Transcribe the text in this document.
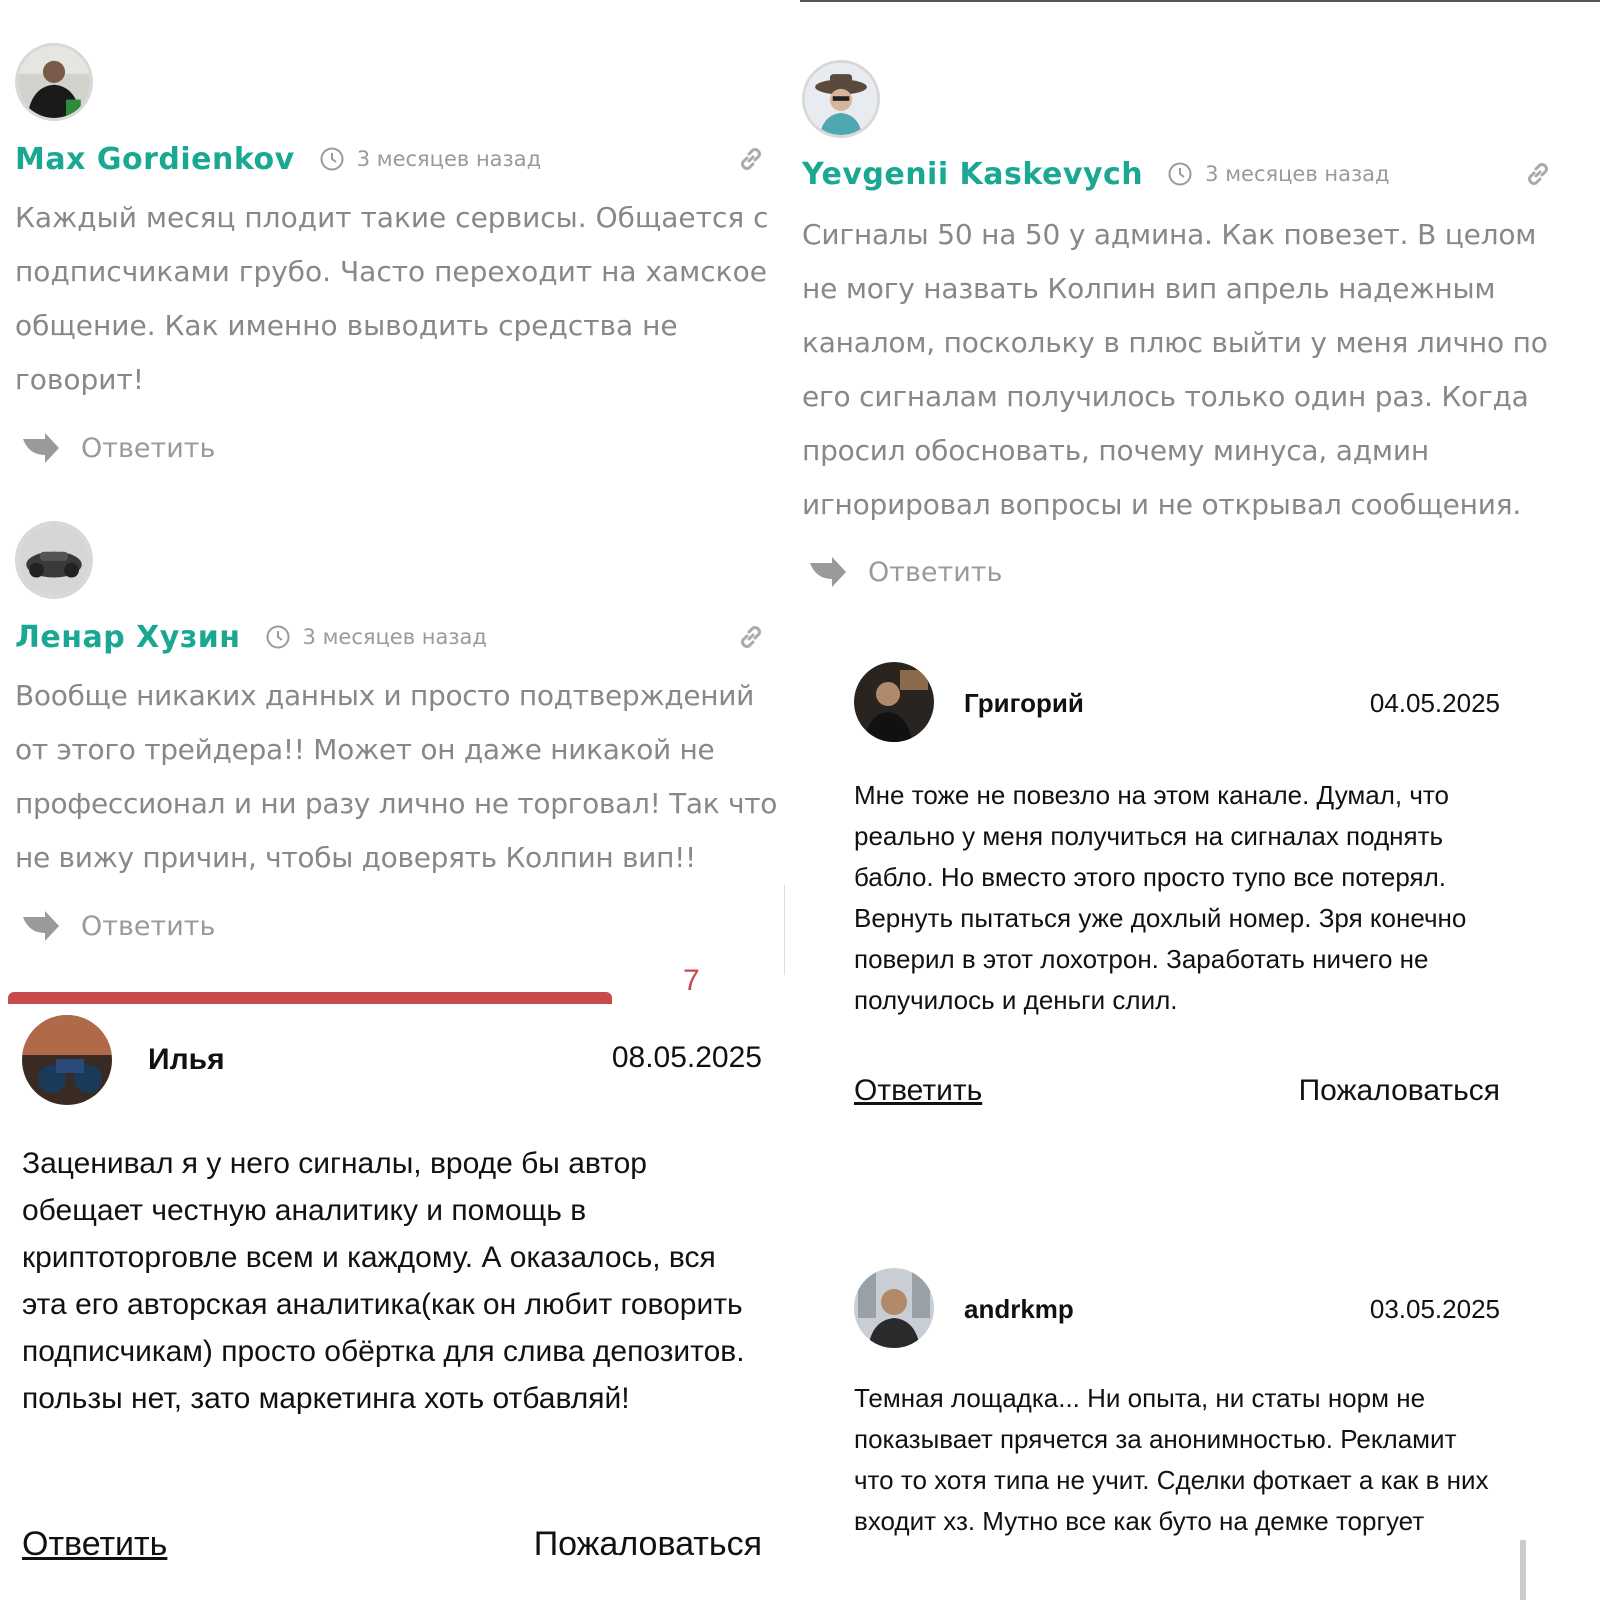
Max Gordienkov	3 месяцев назад

Каждый месяц плодит такие сервисы. Общается с подписчиками грубо. Часто переходит на хамское общение. Как именно выводить средства не говорит!

Ответить
Ленар Хузин	3 месяцев назад

Вообще никаких данных и просто подтверждений от этого трейдера!! Может он даже никакой не профессионал и ни разу лично не торговал! Так что не вижу причин, чтобы доверять Колпин вип!!

Ответить
7
Yevgenii Kaskevych	3 месяцев назад

Сигналы 50 на 50 у админа. Как повезет. В целом не могу назвать Колпин вип апрель надежным каналом, поскольку в плюс выйти у меня лично по его сигналам получилось только один раз. Когда просил обосновать, почему минуса, админ игнорировал вопросы и не открывал сообщения.

Ответить
Илья	08.05.2025

Заценивал я у него сигналы, вроде бы автор обещает честную аналитику и помощь в криптоторговле всем и каждому. А оказалось, вся эта его авторская аналитика(как он любит говорить подписчикам) просто обёртка для слива депозитов. пользы нет, зато маркетинга хоть отбавляй!

Ответить	Пожаловаться
Григорий	04.05.2025

Мне тоже не повезло на этом канале. Думал, что реально у меня получиться на сигналах поднять бабло. Но вместо этого просто тупо все потерял. Вернуть пытаться уже дохлый номер. Зря конечно поверил в этот лохотрон. Заработать ничего не получилось и деньги слил.

Ответить	Пожаловаться
andrkmp	03.05.2025

Темная лощадка... Ни опыта, ни статы норм не показывает прячется за анонимностью. Рекламит что то хотя типа не учит. Сделки фоткает а как в них входит хз. Мутно все как буто на демке торгует
